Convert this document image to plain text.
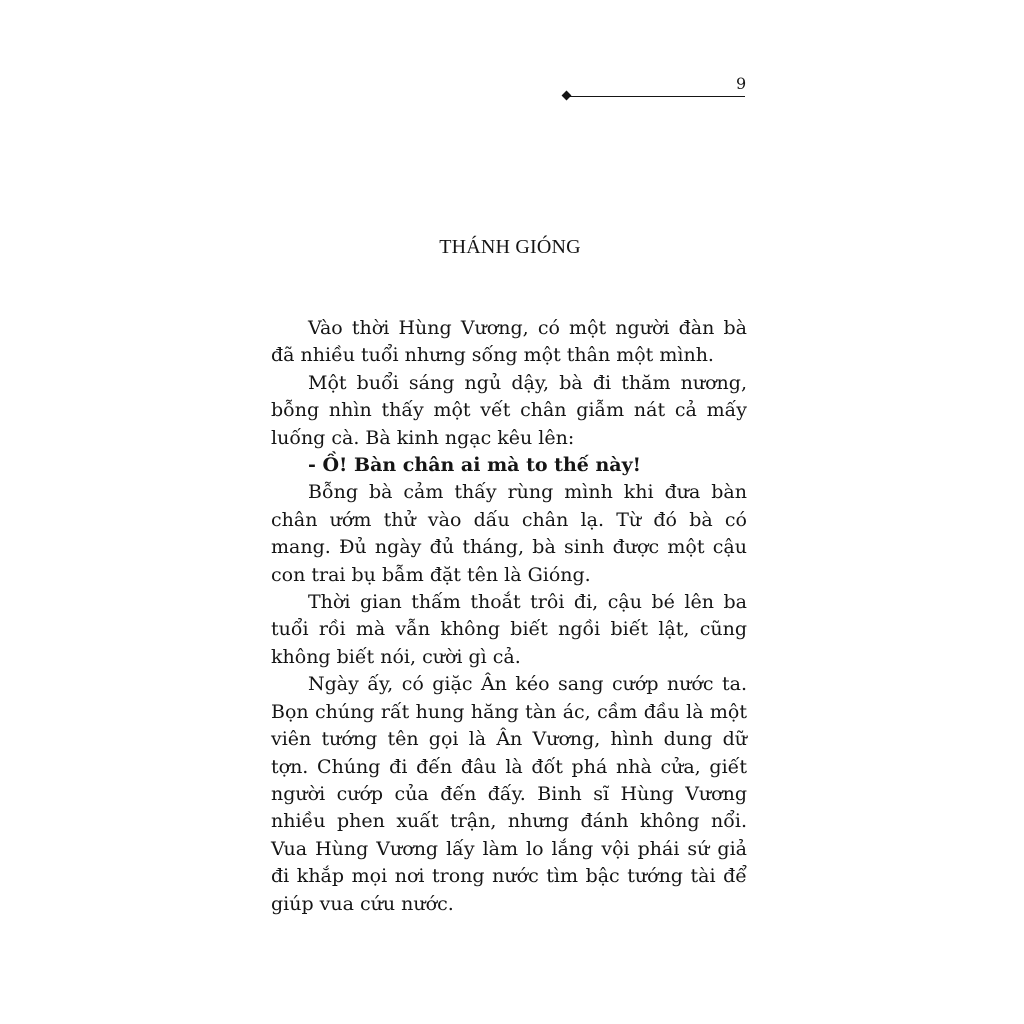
9
THÁNH GIÓNG

Vào thời Hùng Vương, có một người đàn bà đã nhiều tuổi nhưng sống một thân một mình.

Một buổi sáng ngủ dậy, bà đi thăm nương, bỗng nhìn thấy một vết chân giẫm nát cả mấy luống cà. Bà kinh ngạc kêu lên:

- Ồ! Bàn chân ai mà to thế này!

Bỗng bà cảm thấy rùng mình khi đưa bàn chân ướm thử vào dấu chân lạ. Từ đó bà có mang. Đủ ngày đủ tháng, bà sinh được một cậu con trai bụ bẫm đặt tên là Gióng.

Thời gian thấm thoắt trôi đi, cậu bé lên ba tuổi rồi mà vẫn không biết ngồi biết lật, cũng không biết nói, cười gì cả.

Ngày ấy, có giặc Ân kéo sang cướp nước ta. Bọn chúng rất hung hăng tàn ác, cầm đầu là một viên tướng tên gọi là Ân Vương, hình dung dữ tợn. Chúng đi đến đâu là đốt phá nhà cửa, giết người cướp của đến đấy. Binh sĩ Hùng Vương nhiều phen xuất trận, nhưng đánh không nổi. Vua Hùng Vương lấy làm lo lắng vội phái sứ giả đi khắp mọi nơi trong nước tìm bậc tướng tài để giúp vua cứu nước.
